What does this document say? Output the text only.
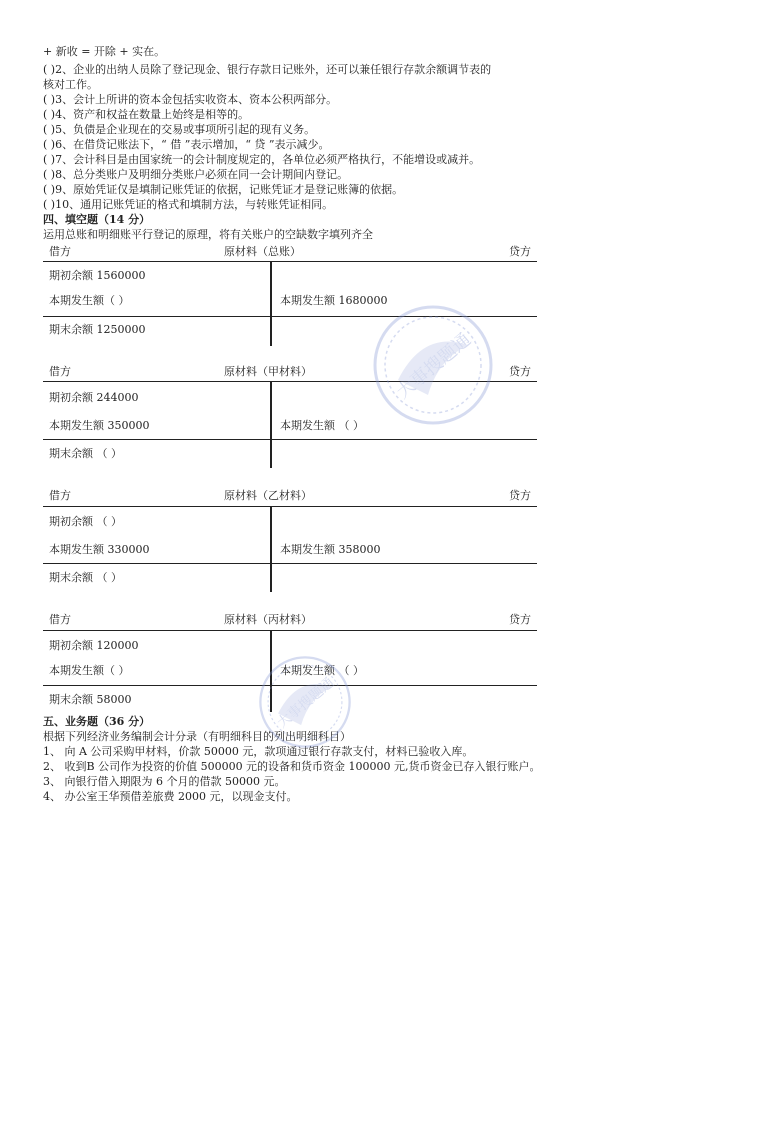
+ 新收 = 开除 + 实在。
( )2、企业的出纳人员除了登记现金、银行存款日记账外，还可以兼任银行存款余额调节表的
核对工作。
( )3、会计上所讲的资本金包括实收资本、资本公积两部分。
( )4、资产和权益在数量上始终是相等的。
( )5、负债是企业现在的交易或事项所引起的现有义务。
( )6、在借贷记账法下，“ 借 ”表示增加，“ 贷 ”表示减少。
( )7、会计科目是由国家统一的会计制度规定的，各单位必须严格执行，不能增设或减并。
( )8、总分类账户及明细分类账户必须在同一会计期间内登记。
( )9、原始凭证仅是填制记账凭证的依据，记账凭证才是登记账簿的依据。
( )10、通用记账凭证的格式和填制方法，与转账凭证相同。
四、填空题（14 分）
运用总账和明细账平行登记的原理，将有关账户的空缺数字填列齐全
借方	原材料（总账）	贷方
期初余额 1560000
本期发生额（ ）	本期发生额 1680000
期末余额 1250000
借方	原材料（甲材料）	贷方
期初余额 244000
本期发生额 350000	本期发生额 （ ）
期末余额 （ ）
借方	原材料（乙材料）	贷方
期初余额 （ ）
本期发生额 330000	本期发生额 358000
期末余额 （ ）
借方	原材料（丙材料）	贷方
期初余额 120000
本期发生额（ ）	本期发生额 （ ）
期末余额 58000
五、业务题（36 分）
根据下列经济业务编制会计分录（有明细科目的列出明细科目）
1、 向 A 公司采购甲材料，价款 50000 元，款项通过银行存款支付，材料已验收入库。
2、 收到B 公司作为投资的价值 500000 元的设备和货币资金 100000 元,货币资金已存入银行账户。
3、 向银行借入期限为 6 个月的借款 50000 元。
4、 办公室王华预借差旅费 2000 元，以现金支付。
大事搜题通
大事搜题通
